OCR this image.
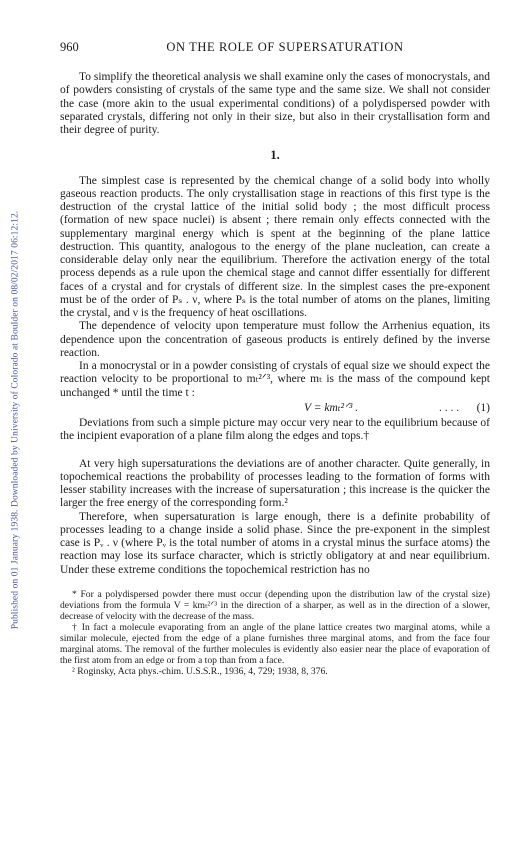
Published on 01 January 1938. Downloaded by University of Colorado at Boulder on 08/02/2017 06:12:12.
960	ON THE ROLE OF SUPERSATURATION

To simplify the theoretical analysis we shall examine only the cases of monocrystals, and of powders consisting of crystals of the same type and the same size. We shall not consider the case (more akin to the usual experimental conditions) of a polydispersed powder with separated crystals, differing not only in their size, but also in their crystallisation form and their degree of purity.

1.

The simplest case is represented by the chemical change of a solid body into wholly gaseous reaction products. The only crystallisation stage in reactions of this first type is the destruction of the crystal lattice of the initial solid body ; the most difficult process (formation of new space nuclei) is absent ; there remain only effects connected with the supplementary marginal energy which is spent at the beginning of the plane lattice destruction. This quantity, analogous to the energy of the plane nucleation, can create a considerable delay only near the equilibrium. Therefore the activation energy of the total process depends as a rule upon the chemical stage and cannot differ essentially for different faces of a crystal and for crystals of different size. In the simplest cases the pre-exponent must be of the order of Pₛ . ν, where Pₛ is the total number of atoms on the planes, limiting the crystal, and ν is the frequency of heat oscillations.

The dependence of velocity upon temperature must follow the Arrhenius equation, its dependence upon the concentration of gaseous products is entirely defined by the inverse reaction.

In a monocrystal or in a powder consisting of crystals of equal size we should expect the reaction velocity to be proportional to mₜ²ᐟ³, where mₜ is the mass of the compound kept unchanged * until the time t :

V = kmₜ²ᐟ³ .	. . . . (1)

Deviations from such a simple picture may occur very near to the equilibrium because of the incipient evaporation of a plane film along the edges and tops.†

At very high supersaturations the deviations are of another character. Quite generally, in topochemical reactions the probability of processes leading to the formation of forms with lesser stability increases with the increase of supersaturation ; this increase is the quicker the larger the free energy of the corresponding form.²

Therefore, when supersaturation is large enough, there is a definite probability of processes leading to a change inside a solid phase. Since the pre-exponent in the simplest case is Pᵥ . ν (where Pᵥ is the total number of atoms in a crystal minus the surface atoms) the reaction may lose its surface character, which is strictly obligatory at and near equilibrium. Under these extreme conditions the topochemical restriction has no

* For a polydispersed powder there must occur (depending upon the distribution law of the crystal size) deviations from the formula V = kmₜ²ᐟ³ in the direction of a sharper, as well as in the direction of a slower, decrease of velocity with the decrease of the mass.

† In fact a molecule evaporating from an angle of the plane lattice creates two marginal atoms, while a similar molecule, ejected from the edge of a plane furnishes three marginal atoms, and from the face four marginal atoms. The removal of the further molecules is evidently also easier near the place of evaporation of the first atom from an edge or from a top than from a face.

² Roginsky, Acta phys.-chim. U.S.S.R., 1936, 4, 729; 1938, 8, 376.
